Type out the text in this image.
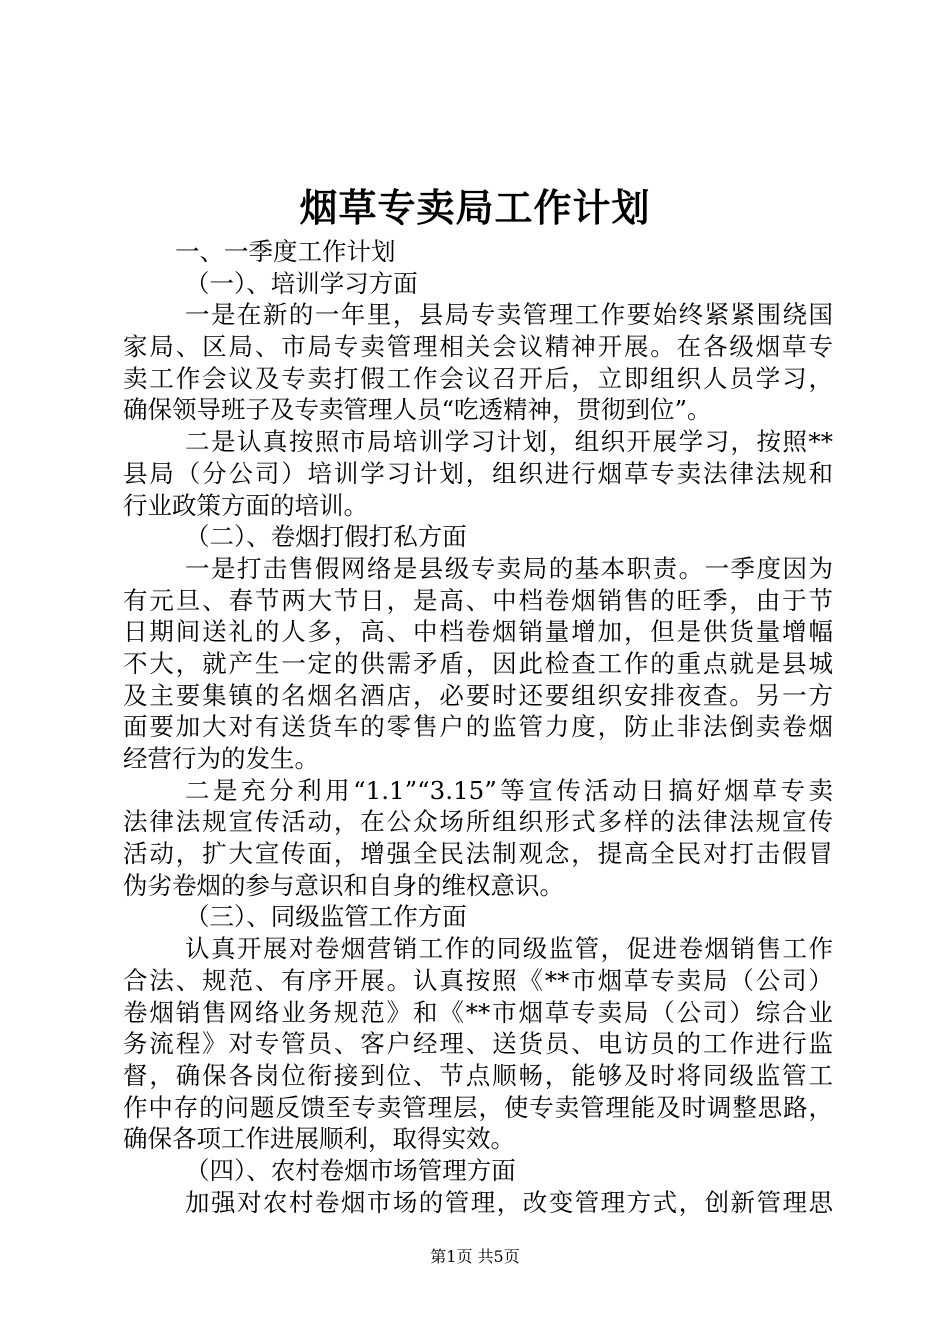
烟草专卖局工作计划
一、一季度工作计划
（一）、培训学习方面
一是在新的一年里，县局专卖管理工作要始终紧紧围绕国
家局、区局、市局专卖管理相关会议精神开展。在各级烟草专
卖工作会议及专卖打假工作会议召开后，立即组织人员学习，
确保领导班子及专卖管理人员“吃透精神，贯彻到位”。
二是认真按照市局培训学习计划，组织开展学习，按照**
县局（分公司）培训学习计划，组织进行烟草专卖法律法规和
行业政策方面的培训。
（二）、卷烟打假打私方面
一是打击售假网络是县级专卖局的基本职责。一季度因为
有元旦、春节两大节日，是高、中档卷烟销售的旺季，由于节
日期间送礼的人多，高、中档卷烟销量增加，但是供货量增幅
不大，就产生一定的供需矛盾，因此检查工作的重点就是县城
及主要集镇的名烟名酒店，必要时还要组织安排夜查。另一方
面要加大对有送货车的零售户的监管力度，防止非法倒卖卷烟
经营行为的发生。
二是充分利用“1.1”“3.15”等宣传活动日搞好烟草专卖
法律法规宣传活动，在公众场所组织形式多样的法律法规宣传
活动，扩大宣传面，增强全民法制观念，提高全民对打击假冒
伪劣卷烟的参与意识和自身的维权意识。
（三）、同级监管工作方面
认真开展对卷烟营销工作的同级监管，促进卷烟销售工作
合法、规范、有序开展。认真按照《**市烟草专卖局（公司）
卷烟销售网络业务规范》和《**市烟草专卖局（公司）综合业
务流程》对专管员、客户经理、送货员、电访员的工作进行监
督，确保各岗位衔接到位、节点顺畅，能够及时将同级监管工
作中存的问题反馈至专卖管理层，使专卖管理能及时调整思路，
确保各项工作进展顺利，取得实效。
（四）、农村卷烟市场管理方面
加强对农村卷烟市场的管理，改变管理方式，创新管理思
第1页 共5页
